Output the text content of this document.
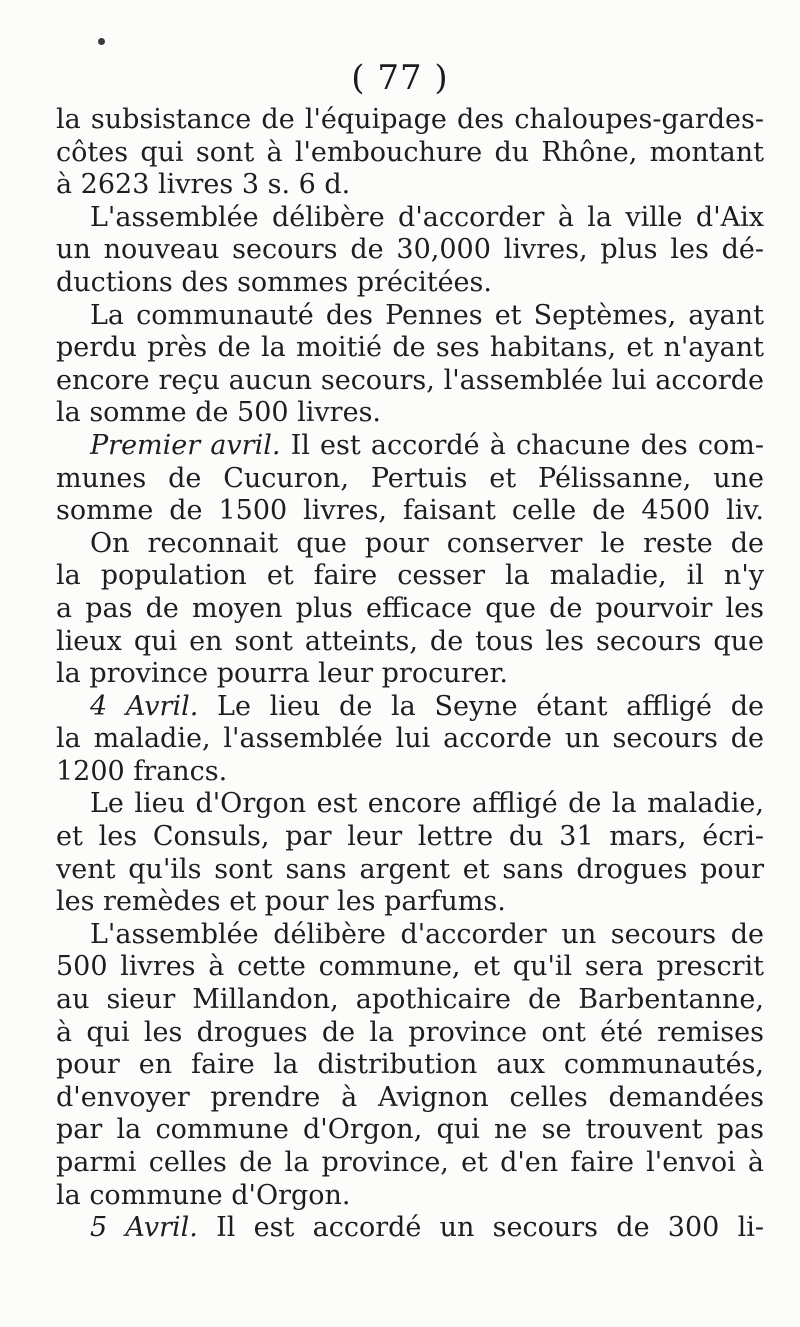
( 77 )

la subsistance de l'équipage des chaloupes-gardes-
côtes qui sont à l'embouchure du Rhône, montant
à 2623 livres 3 s. 6 d.
L'assemblée délibère d'accorder à la ville d'Aix
un nouveau secours de 30,000 livres, plus les dé-
ductions des sommes précitées.
La communauté des Pennes et Septèmes, ayant
perdu près de la moitié de ses habitans, et n'ayant
encore reçu aucun secours, l'assemblée lui accorde
la somme de 500 livres.
Premier avril. Il est accordé à chacune des com-
munes de Cucuron, Pertuis et Pélissanne, une
somme de 1500 livres, faisant celle de 4500 liv.
On reconnait que pour conserver le reste de
la population et faire cesser la maladie, il n'y
a pas de moyen plus efficace que de pourvoir les
lieux qui en sont atteints, de tous les secours que
la province pourra leur procurer.
4 Avril. Le lieu de la Seyne étant affligé de
la maladie, l'assemblée lui accorde un secours de
1200 francs.
Le lieu d'Orgon est encore affligé de la maladie,
et les Consuls, par leur lettre du 31 mars, écri-
vent qu'ils sont sans argent et sans drogues pour
les remèdes et pour les parfums.
L'assemblée délibère d'accorder un secours de
500 livres à cette commune, et qu'il sera prescrit
au sieur Millandon, apothicaire de Barbentanne,
à qui les drogues de la province ont été remises
pour en faire la distribution aux communautés,
d'envoyer prendre à Avignon celles demandées
par la commune d'Orgon, qui ne se trouvent pas
parmi celles de la province, et d'en faire l'envoi à
la commune d'Orgon.
5 Avril. Il est accordé un secours de 300 li-
